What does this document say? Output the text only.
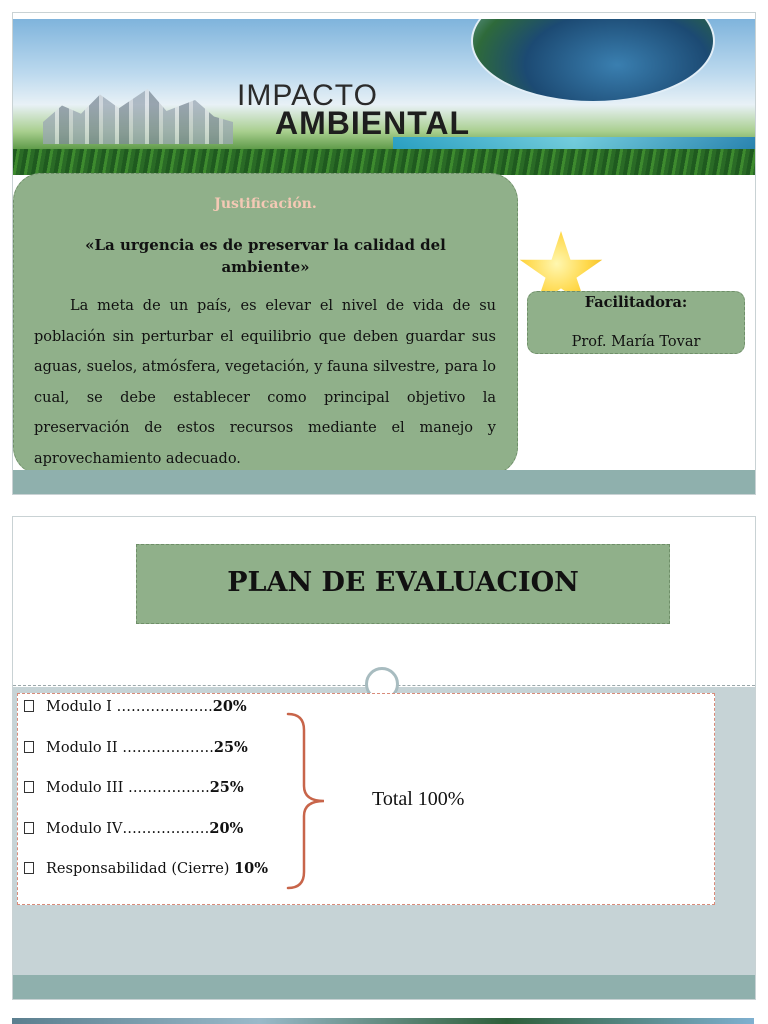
IMPACTO
AMBIENTAL
Justificación.
«La urgencia es de preservar la calidad del ambiente»
La meta de un país, es elevar el nivel de vida de su población sin perturbar el equilibrio que deben guardar sus aguas, suelos, atmósfera, vegetación, y fauna silvestre, para lo cual, se debe establecer como principal objetivo la preservación de estos recursos mediante el manejo y aprovechamiento adecuado.
Facilitadora:
Prof. María Tovar
PLAN DE EVALUACION
Modulo I ………………..20%
Modulo II ……………….25%
Modulo III ……………..25%
Modulo IV………………20%
Responsabilidad (Cierre) 10%
Total 100%
